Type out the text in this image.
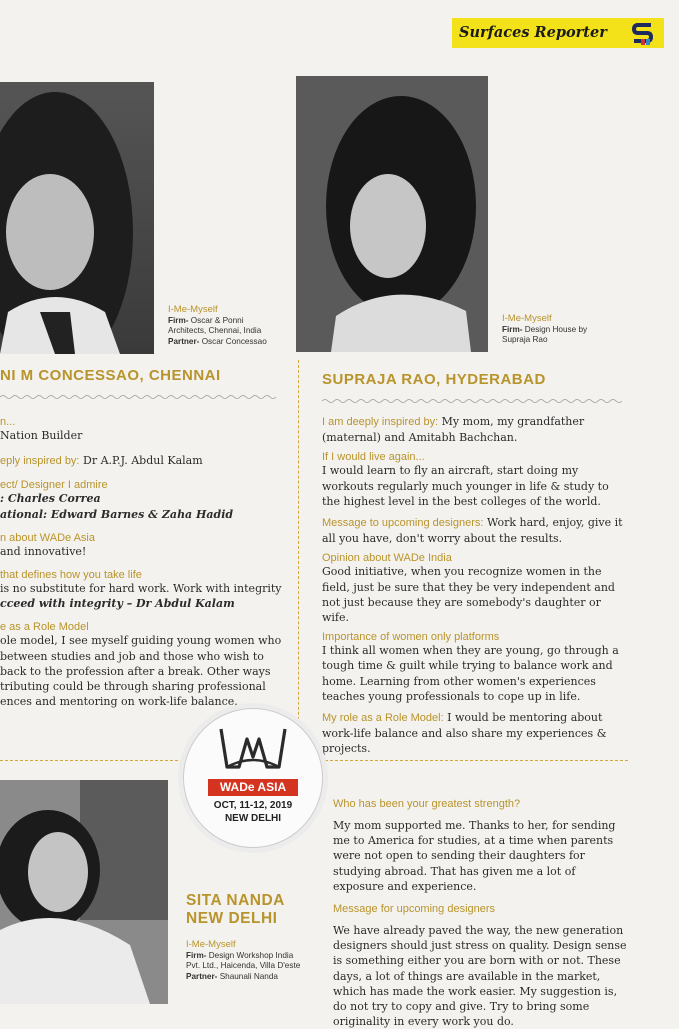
Surfaces Reporter
I-Me-Myself
Firm- Oscar & Ponni Architects, Chennai, India
Partner- Oscar Concessao
NI M CONCESSAO, CHENNAI
n...
Nation Builder
eply inspired by: Dr A.P.J. Abdul Kalam
ect/ Designer I admire
: Charles Correa
ational: Edward Barnes & Zaha Hadid
n about WADe Asia
and innovative!
that defines how you take life
is no substitute for hard work. Work with integrity
cceed with integrity – Dr Abdul Kalam
e as a Role Model
ole model, I see myself guiding young women who
between studies and job and those who wish to
back to the profession after a break. Other ways
tributing could be through sharing professional
ences and mentoring on work-life balance.
I-Me-Myself
Firm- Design House by Supraja Rao
SUPRAJA RAO, HYDERABAD

I am deeply inspired by: My mom, my grandfather (maternal) and Amitabh Bachchan.

If I would live again...

I would learn to fly an aircraft, start doing my workouts regularly much younger in life & study to the highest level in the best colleges of the world.

Message to upcoming designers: Work hard, enjoy, give it all you have, don't worry about the results.

Opinion about WADe India

Good initiative, when you recognize women in the field, just be sure that they be very independent and not just because they are somebody's daughter or wife.

Importance of women only platforms

I think all women when they are young, go through a tough time & guilt while trying to balance work and home. Learning from other women's experiences teaches young professionals to cope up in life.

My role as a Role Model: I would be mentoring about work-life balance and also share my experiences & projects.

WADe ASIA
OCT, 11-12, 2019
NEW DELHI
SITA NANDA
NEW DELHI
I-Me-Myself
Firm- Design Workshop India Pvt. Ltd., Haicenda, Villa D'este
Partner- Shaunali Nanda
Who has been your greatest strength?

My mom supported me. Thanks to her, for sending me to America for studies, at a time when parents were not open to sending their daughters for studying abroad. That has given me a lot of exposure and experience.

Message for upcoming designers

We have already paved the way, the new generation designers should just stress on quality. Design sense is something either you are born with or not. These days, a lot of things are available in the market, which has made the work easier. My suggestion is, do not try to copy and give. Try to bring some originality in every work you do.
